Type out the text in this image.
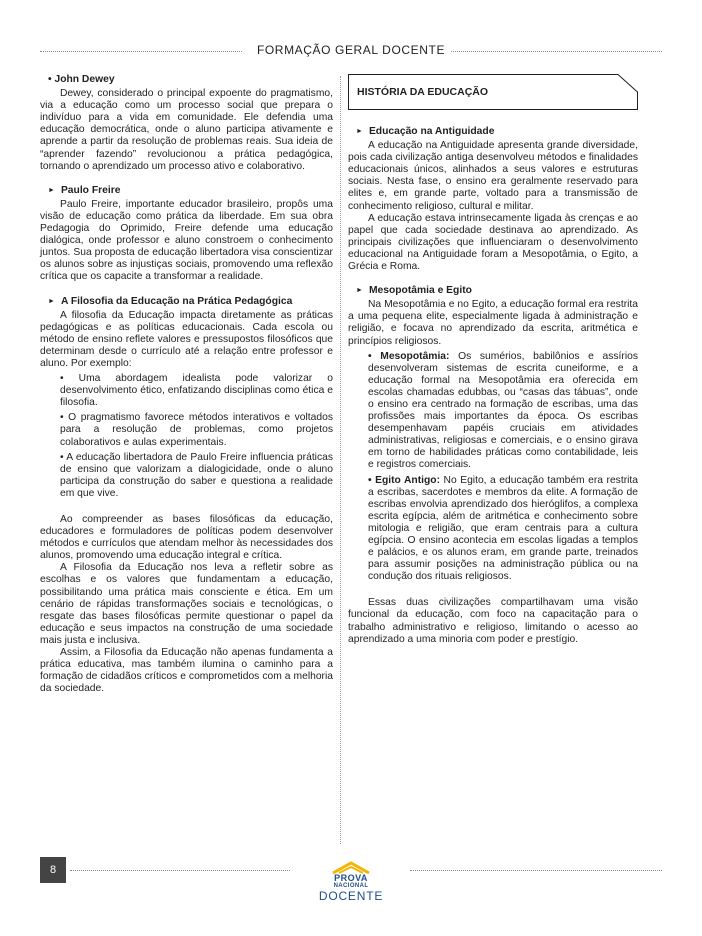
FORMAÇÃO GERAL DOCENTE
• John Dewey

Dewey, considerado o principal expoente do pragmatismo, via a educação como um processo social que prepara o indivíduo para a vida em comunidade. Ele defendia uma educação democrática, onde o aluno participa ativamente e aprende a partir da resolução de problemas reais. Sua ideia de “aprender fazendo” revolucionou a prática pedagógica, tornando o aprendizado um processo ativo e colaborativo.

► Paulo Freire

Paulo Freire, importante educador brasileiro, propôs uma visão de educação como prática da liberdade. Em sua obra Pedagogia do Oprimido, Freire defende uma educação dialógica, onde professor e aluno constroem o conhecimento juntos. Sua proposta de educação libertadora visa conscientizar os alunos sobre as injustiças sociais, promovendo uma reflexão crítica que os capacite a transformar a realidade.

► A Filosofia da Educação na Prática Pedagógica

A filosofia da Educação impacta diretamente as práticas pedagógicas e as políticas educacionais. Cada escola ou método de ensino reflete valores e pressupostos filosóficos que determinam desde o currículo até a relação entre professor e aluno. Por exemplo:

• Uma abordagem idealista pode valorizar o desenvolvimento ético, enfatizando disciplinas como ética e filosofia.

• O pragmatismo favorece métodos interativos e voltados para a resolução de problemas, como projetos colaborativos e aulas experimentais.

• A educação libertadora de Paulo Freire influencia práticas de ensino que valorizam a dialogicidade, onde o aluno participa da construção do saber e questiona a realidade em que vive.

Ao compreender as bases filosóficas da educação, educadores e formuladores de políticas podem desenvolver métodos e currículos que atendam melhor às necessidades dos alunos, promovendo uma educação integral e crítica.

A Filosofia da Educação nos leva a refletir sobre as escolhas e os valores que fundamentam a educação, possibilitando uma prática mais consciente e ética. Em um cenário de rápidas transformações sociais e tecnológicas, o resgate das bases filosóficas permite questionar o papel da educação e seus impactos na construção de uma sociedade mais justa e inclusiva.

Assim, a Filosofia da Educação não apenas fundamenta a prática educativa, mas também ilumina o caminho para a formação de cidadãos críticos e comprometidos com a melhoria da sociedade.

HISTÓRIA DA EDUCAÇÃO
► Educação na Antiguidade

A educação na Antiguidade apresenta grande diversidade, pois cada civilização antiga desenvolveu métodos e finalidades educacionais únicos, alinhados a seus valores e estruturas sociais. Nesta fase, o ensino era geralmente reservado para elites e, em grande parte, voltado para a transmissão de conhecimento religioso, cultural e militar.

A educação estava intrinsecamente ligada às crenças e ao papel que cada sociedade destinava ao aprendizado. As principais civilizações que influenciaram o desenvolvimento educacional na Antiguidade foram a Mesopotâmia, o Egito, a Grécia e Roma.

► Mesopotâmia e Egito

Na Mesopotâmia e no Egito, a educação formal era restrita a uma pequena elite, especialmente ligada à administração e religião, e focava no aprendizado da escrita, aritmética e princípios religiosos.

• Mesopotâmia: Os sumérios, babilônios e assírios desenvolveram sistemas de escrita cuneiforme, e a educação formal na Mesopotâmia era oferecida em escolas chamadas edubbas, ou “casas das tábuas”, onde o ensino era centrado na formação de escribas, uma das profissões mais importantes da época. Os escribas desempenhavam papéis cruciais em atividades administrativas, religiosas e comerciais, e o ensino girava em torno de habilidades práticas como contabilidade, leis e registros comerciais.

• Egito Antigo: No Egito, a educação também era restrita a escribas, sacerdotes e membros da elite. A formação de escribas envolvia aprendizado dos hieróglifos, a complexa escrita egípcia, além de aritmética e conhecimento sobre mitologia e religião, que eram centrais para a cultura egípcia. O ensino acontecia em escolas ligadas a templos e palácios, e os alunos eram, em grande parte, treinados para assumir posições na administração pública ou na condução dos rituais religiosos.

Essas duas civilizações compartilhavam uma visão funcional da educação, com foco na capacitação para o trabalho administrativo e religioso, limitando o acesso ao aprendizado a uma minoria com poder e prestígio.

8
PROVA
NACIONAL
DOCENTE
